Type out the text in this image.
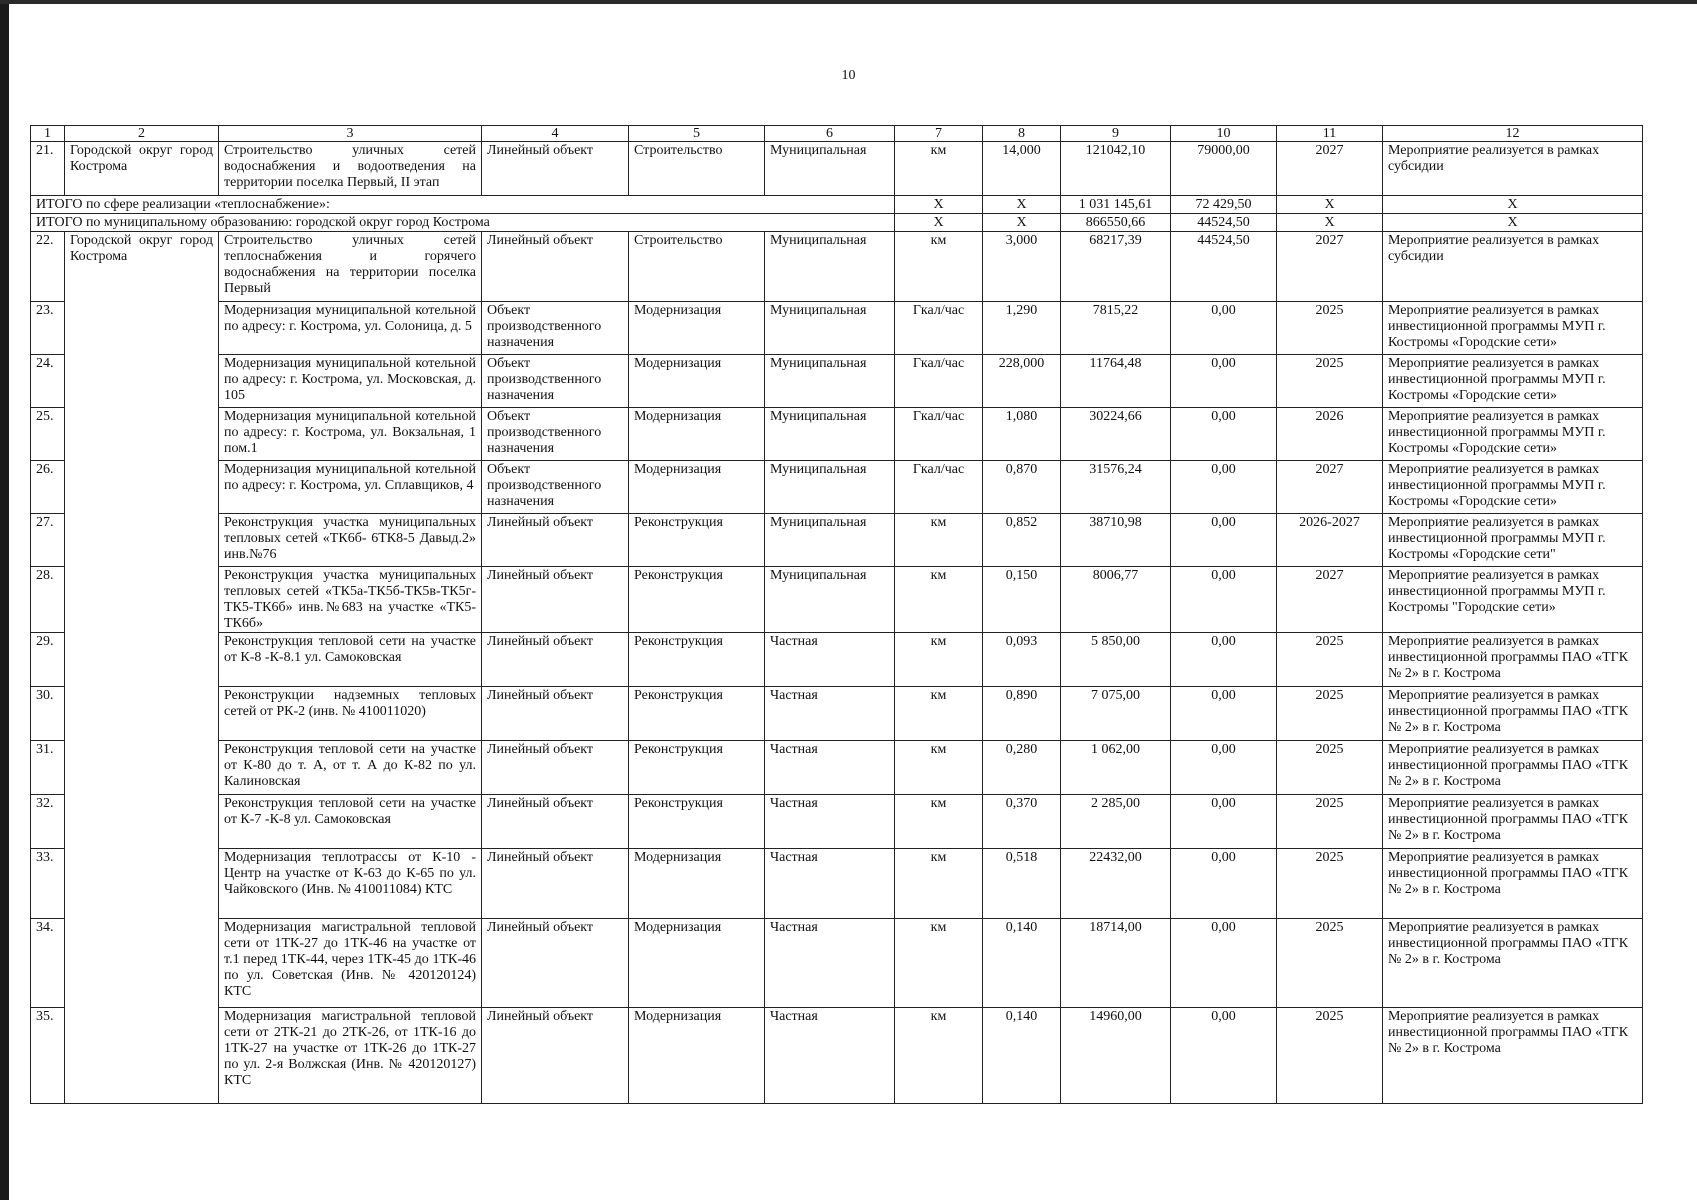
10
1	2	3	4	5	6	7	8	9	10	11	12
21.	Городской округ город Кострома	Строительство уличных сетей водоснабжения и водоотведения на территории поселка Первый, II этап	Линейный объект	Строительство	Муниципальная	км	14,000	121042,10	79000,00	2027	Мероприятие реализуется в рамках субсидии
ИТОГО по сфере реализации «теплоснабжение»:						Х	Х	1 031 145,61	72 429,50	Х	Х
ИТОГО по муниципальному образованию: городской округ город Кострома						Х	Х	866550,66	44524,50	Х	Х
22.	Городской округ город Кострома	Строительство уличных сетей теплоснабжения и горячего водоснабжения на территории поселка Первый	Линейный объект	Строительство	Муниципальная	км	3,000	68217,39	44524,50	2027	Мероприятие реализуется в рамках субсидии
23.		Модернизация муниципальной котельной по адресу: г. Кострома, ул. Солоница, д. 5	Объект производственного назначения	Модернизация	Муниципальная	Гкал/час	1,290	7815,22	0,00	2025	Мероприятие реализуется в рамках инвестиционной программы МУП г. Костромы «Городские сети»
24.		Модернизация муниципальной котельной по адресу: г. Кострома, ул. Московская, д. 105	Объект производственного назначения	Модернизация	Муниципальная	Гкал/час	228,000	11764,48	0,00	2025	Мероприятие реализуется в рамках инвестиционной программы МУП г. Костромы «Городские сети»
25.		Модернизация муниципальной котельной по адресу: г. Кострома, ул. Вокзальная, 1 пом.1	Объект производственного назначения	Модернизация	Муниципальная	Гкал/час	1,080	30224,66	0,00	2026	Мероприятие реализуется в рамках инвестиционной программы МУП г. Костромы «Городские сети»
26.		Модернизация муниципальной котельной по адресу: г. Кострома, ул. Сплавщиков, 4	Объект производственного назначения	Модернизация	Муниципальная	Гкал/час	0,870	31576,24	0,00	2027	Мероприятие реализуется в рамках инвестиционной программы МУП г. Костромы «Городские сети»
27.		Реконструкция участка муниципальных тепловых сетей «ТК6б- 6ТК8-5 Давыд.2» инв.№76	Линейный объект	Реконструкция	Муниципальная	км	0,852	38710,98	0,00	2026-2027	Мероприятие реализуется в рамках инвестиционной программы МУП г. Костромы «Городские сети"
28.		Реконструкция участка муниципальных тепловых сетей «ТК5а-ТК5б-ТК5в-ТК5г-ТК5-ТК6б» инв.№683 на участке «ТК5-ТК6б»	Линейный объект	Реконструкция	Муниципальная	км	0,150	8006,77	0,00	2027	Мероприятие реализуется в рамках инвестиционной программы МУП г. Костромы "Городские сети»
29.		Реконструкция тепловой сети на участке от К-8 -К-8.1 ул. Самоковская	Линейный объект	Реконструкция	Частная	км	0,093	5 850,00	0,00	2025	Мероприятие реализуется в рамках инвестиционной программы ПАО «ТГК № 2» в г. Кострома
30.		Реконструкции надземных тепловых сетей от РК-2 (инв. № 410011020)	Линейный объект	Реконструкция	Частная	км	0,890	7 075,00	0,00	2025	Мероприятие реализуется в рамках инвестиционной программы ПАО «ТГК № 2» в г. Кострома
31.		Реконструкция тепловой сети на участке от К-80 до т. А, от т. А до К-82 по ул. Калиновская	Линейный объект	Реконструкция	Частная	км	0,280	1 062,00	0,00	2025	Мероприятие реализуется в рамках инвестиционной программы ПАО «ТГК № 2» в г. Кострома
32.		Реконструкция тепловой сети на участке от К-7 -К-8 ул. Самоковская	Линейный объект	Реконструкция	Частная	км	0,370	2 285,00	0,00	2025	Мероприятие реализуется в рамках инвестиционной программы ПАО «ТГК № 2» в г. Кострома
33.		Модернизация теплотрассы от К-10 - Центр на участке от К-63 до К-65 по ул. Чайковского (Инв. № 410011084) КТС	Линейный объект	Модернизация	Частная	км	0,518	22432,00	0,00	2025	Мероприятие реализуется в рамках инвестиционной программы ПАО «ТГК № 2» в г. Кострома
34.		Модернизация магистральной тепловой сети от 1ТК-27 до 1ТК-46 на участке от т.1 перед 1ТК-44, через 1ТК-45 до 1ТК-46 по ул. Советская (Инв. № 420120124) КТС	Линейный объект	Модернизация	Частная	км	0,140	18714,00	0,00	2025	Мероприятие реализуется в рамках инвестиционной программы ПАО «ТГК № 2» в г. Кострома
35.		Модернизация магистральной тепловой сети от 2ТК-21 до 2ТК-26, от 1ТК-16 до 1ТК-27 на участке от 1ТК-26 до 1ТК-27 по ул. 2-я Волжская (Инв. № 420120127) КТС	Линейный объект	Модернизация	Частная	км	0,140	14960,00	0,00	2025	Мероприятие реализуется в рамках инвестиционной программы ПАО «ТГК № 2» в г. Кострома
